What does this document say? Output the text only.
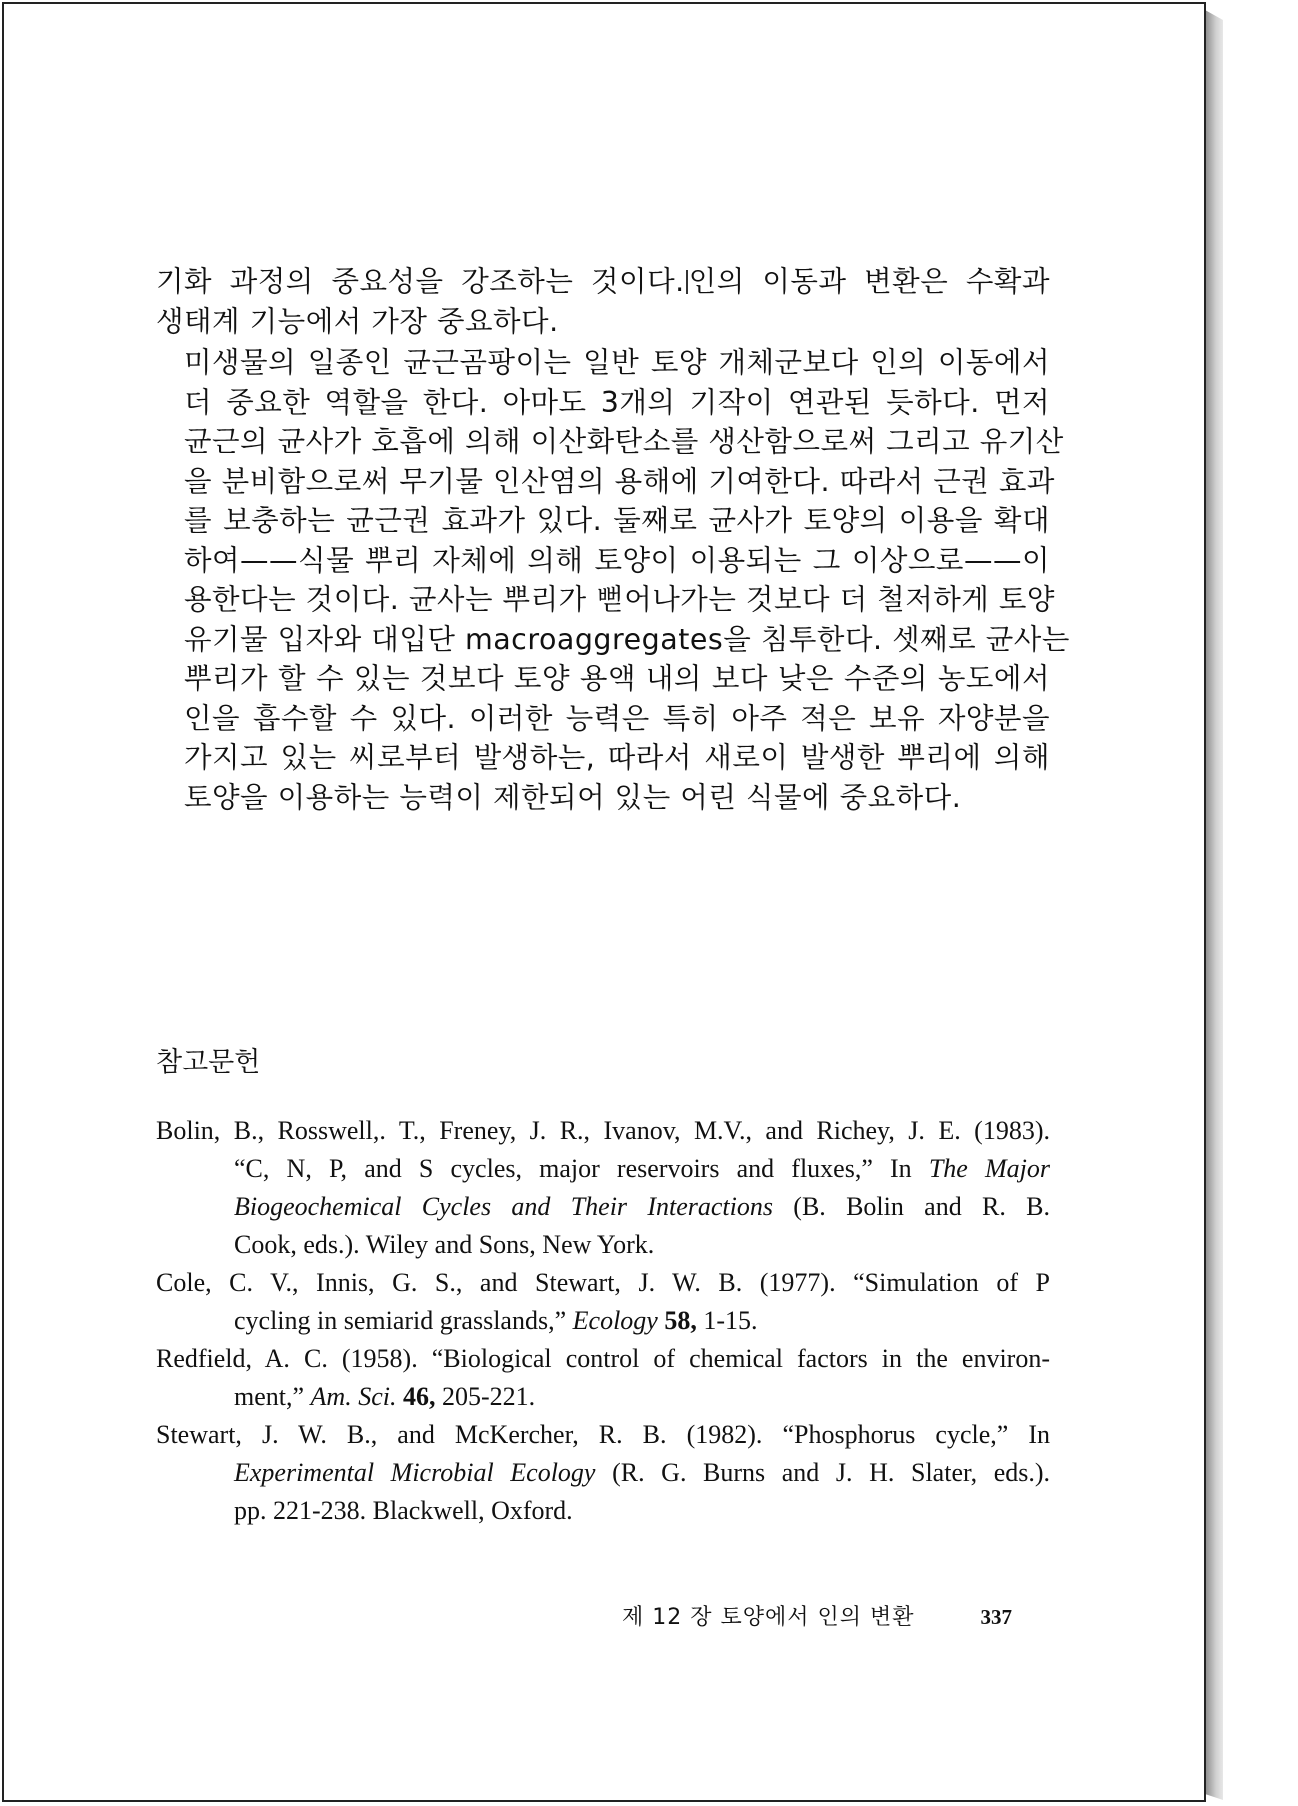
기화 과정의 중요성을 강조하는 것이다. 인의 이동과 변환은 수확과
생태계 기능에서 가장 중요하다.

미생물의 일종인 균근곰팡이는 일반 토양 개체군보다 인의 이동에서
더 중요한 역할을 한다. 아마도 3개의 기작이 연관된 듯하다. 먼저
균근의 균사가 호흡에 의해 이산화탄소를 생산함으로써 그리고 유기산
을 분비함으로써 무기물 인산염의 용해에 기여한다. 따라서 근권 효과
를 보충하는 균근권 효과가 있다. 둘째로 균사가 토양의 이용을 확대
하여——식물 뿌리 자체에 의해 토양이 이용되는 그 이상으로——이
용한다는 것이다. 균사는 뿌리가 뻗어나가는 것보다 더 철저하게 토양
유기물 입자와 대입단 macroaggregates을 침투한다. 셋째로 균사는
뿌리가 할 수 있는 것보다 토양 용액 내의 보다 낮은 수준의 농도에서
인을 흡수할 수 있다. 이러한 능력은 특히 아주 적은 보유 자양분을
가지고 있는 씨로부터 발생하는, 따라서 새로이 발생한 뿌리에 의해
토양을 이용하는 능력이 제한되어 있는 어린 식물에 중요하다.

참고문헌
Bolin, B., Rosswell,. T., Freney, J. R., Ivanov, M.V., and Richey, J. E. (1983).
“C, N, P, and S cycles, major reservoirs and fluxes,” In The Major
Biogeochemical Cycles and Their Interactions (B. Bolin and R. B.
Cook, eds.). Wiley and Sons, New York.
Cole, C. V., Innis, G. S., and Stewart, J. W. B. (1977). “Simulation of P
cycling in semiarid grasslands,” Ecology 58, 1-15.
Redfield, A. C. (1958). “Biological control of chemical factors in the environ-
ment,” Am. Sci. 46, 205-221.
Stewart, J. W. B., and McKercher, R. B. (1982). “Phosphorus cycle,” In
Experimental Microbial Ecology (R. G. Burns and J. H. Slater, eds.).
pp. 221-238. Blackwell, Oxford.
제 12 장 토양에서 인의 변환	337
